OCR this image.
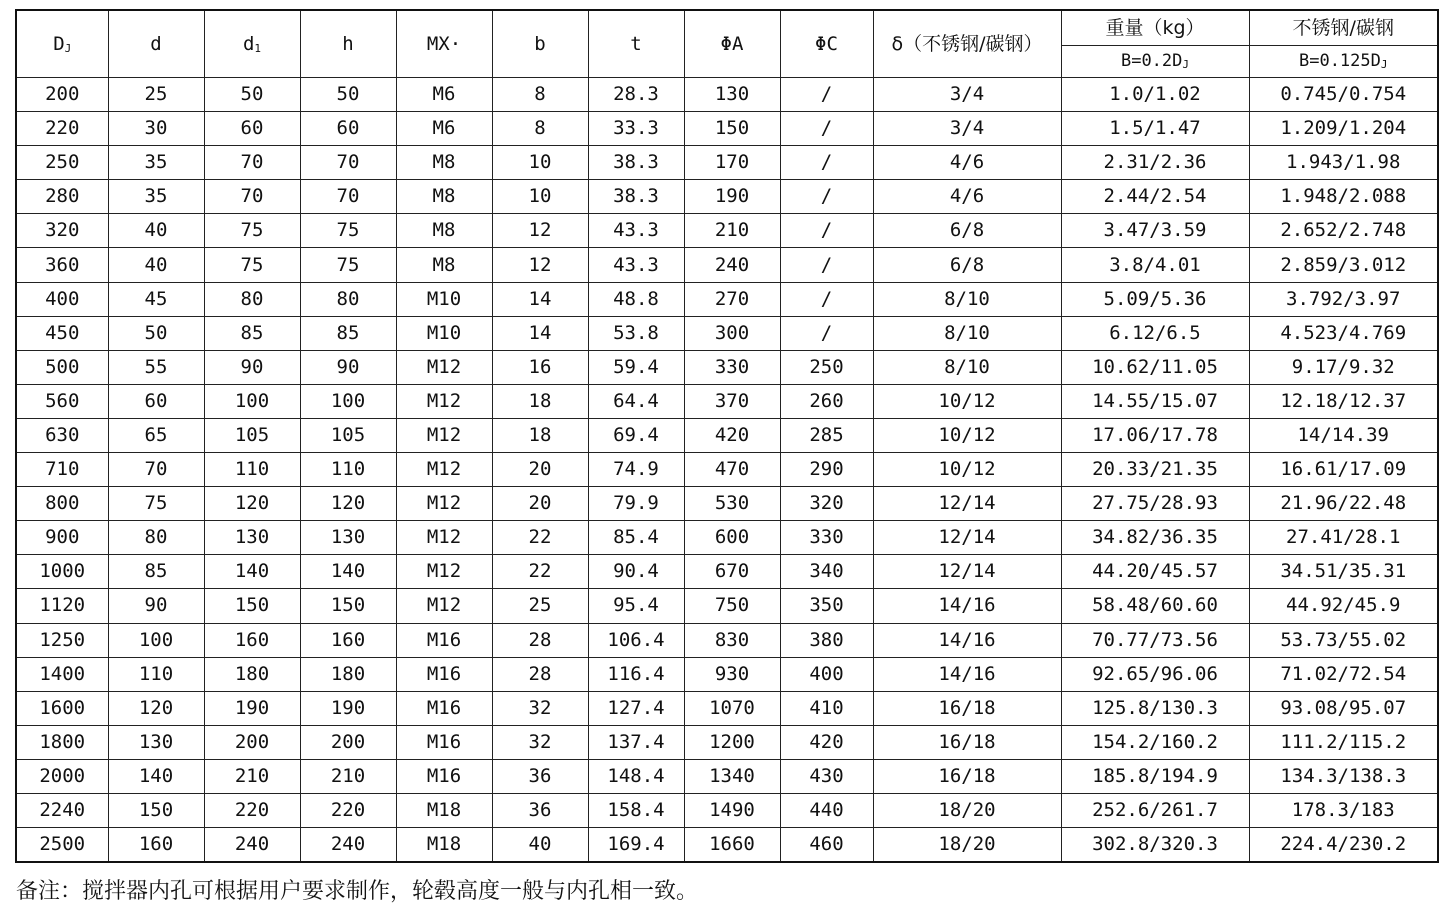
$D_J$	d	$d_1$	h	MX·	b	t	ΦA	ΦC	δ（不锈钢/碳钢）	重量（kg）	不锈钢/碳钢
										$B=0.2D_J$	$B=0.125D_J$
200	25	50	50	M6	8	28.3	130	/	3/4	1.0/1.02	0.745/0.754
220	30	60	60	M6	8	33.3	150	/	3/4	1.5/1.47	1.209/1.204
250	35	70	70	M8	10	38.3	170	/	4/6	2.31/2.36	1.943/1.98
280	35	70	70	M8	10	38.3	190	/	4/6	2.44/2.54	1.948/2.088
320	40	75	75	M8	12	43.3	210	/	6/8	3.47/3.59	2.652/2.748
360	40	75	75	M8	12	43.3	240	/	6/8	3.8/4.01	2.859/3.012
400	45	80	80	M10	14	48.8	270	/	8/10	5.09/5.36	3.792/3.97
450	50	85	85	M10	14	53.8	300	/	8/10	6.12/6.5	4.523/4.769
500	55	90	90	M12	16	59.4	330	250	8/10	10.62/11.05	9.17/9.32
560	60	100	100	M12	18	64.4	370	260	10/12	14.55/15.07	12.18/12.37
630	65	105	105	M12	18	69.4	420	285	10/12	17.06/17.78	14/14.39
710	70	110	110	M12	20	74.9	470	290	10/12	20.33/21.35	16.61/17.09
800	75	120	120	M12	20	79.9	530	320	12/14	27.75/28.93	21.96/22.48
900	80	130	130	M12	22	85.4	600	330	12/14	34.82/36.35	27.41/28.1
1000	85	140	140	M12	22	90.4	670	340	12/14	44.20/45.57	34.51/35.31
1120	90	150	150	M12	25	95.4	750	350	14/16	58.48/60.60	44.92/45.9
1250	100	160	160	M16	28	106.4	830	380	14/16	70.77/73.56	53.73/55.02
1400	110	180	180	M16	28	116.4	930	400	14/16	92.65/96.06	71.02/72.54
1600	120	190	190	M16	32	127.4	1070	410	16/18	125.8/130.3	93.08/95.07
1800	130	200	200	M16	32	137.4	1200	420	16/18	154.2/160.2	111.2/115.2
2000	140	210	210	M16	36	148.4	1340	430	16/18	185.8/194.9	134.3/138.3
2240	150	220	220	M18	36	158.4	1490	440	18/20	252.6/261.7	178.3/183
2500	160	240	240	M18	40	169.4	1660	460	18/20	302.8/320.3	224.4/230.2
备注：搅拌器内孔可根据用户要求制作，轮毂高度一般与内孔相一致。
